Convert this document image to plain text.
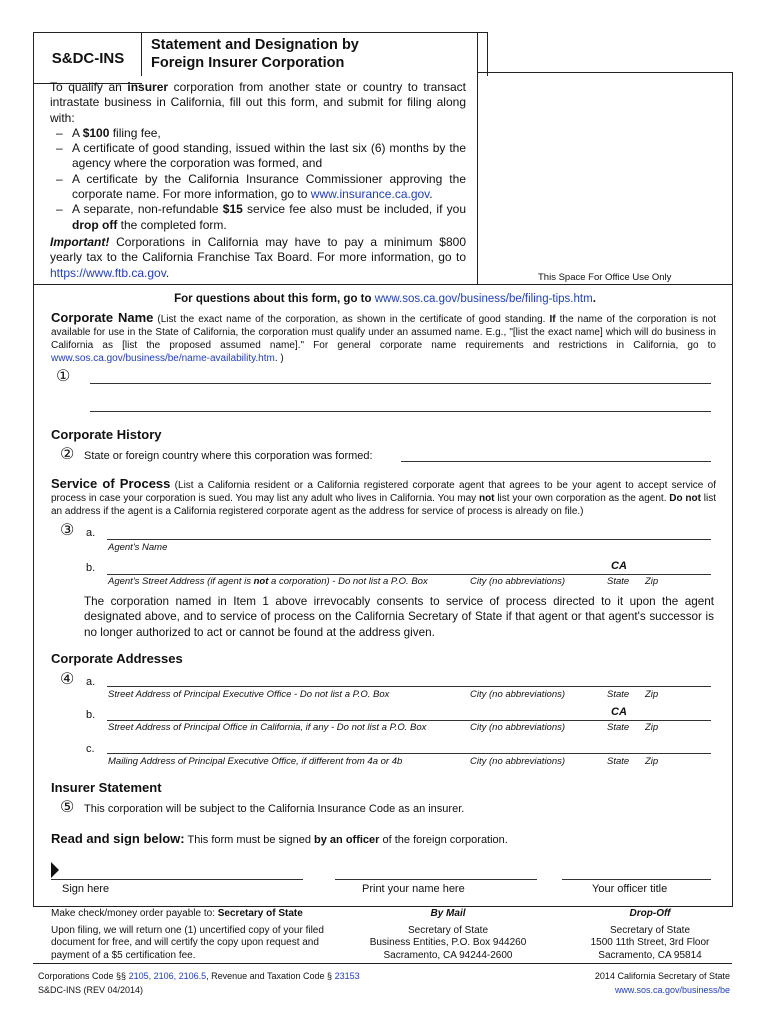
S&DC-INS
Statement and Designation by
Foreign Insurer Corporation
This Space For Office Use Only

To qualify an insurer corporation from another state or country to transact intrastate business in California, fill out this form, and submit for filing along with:

– A $100 filing fee,
– A certificate of good standing, issued within the last six (6) months by the agency where the corporation was formed, and
– A certificate by the California Insurance Commissioner approving the corporate name. For more information, go to www.insurance.ca.gov.
– A separate, non-refundable $15 service fee also must be included, if you drop off the completed form.

Important! Corporations in California may have to pay a minimum $800 yearly tax to the California Franchise Tax Board. For more information, go to https://www.ftb.ca.gov.

For questions about this form, go to www.sos.ca.gov/business/be/filing-tips.htm.
Corporate Name (List the exact name of the corporation, as shown in the certificate of good standing. If the name of the corporation is not available for use in the State of California, the corporation must qualify under an assumed name. E.g., "[list the exact name] which will do business in California as [list the proposed assumed name]." For general corporate name requirements and restrictions in California, go to www.sos.ca.gov/business/be/name-availability.htm. )
①
Corporate History
② State or foreign country where this corporation was formed:
Service of Process (List a California resident or a California registered corporate agent that agrees to be your agent to accept service of process in case your corporation is sued. You may list any adult who lives in California. You may not list your own corporation as the agent. Do not list an address if the agent is a California registered corporate agent as the address for service of process is already on file.)
③ a.
Agent's Name
b.	CA
Agent's Street Address (if agent is not a corporation) - Do not list a P.O. Box	City (no abbreviations)	State Zip
The corporation named in Item 1 above irrevocably consents to service of process directed to it upon the agent designated above, and to service of process on the California Secretary of State if that agent or that agent's successor is no longer authorized to act or cannot be found at the address given.
Corporate Addresses
④ a.
Street Address of Principal Executive Office - Do not list a P.O. Box	City (no abbreviations)	State Zip
b.	CA
Street Address of Principal Office in California, if any - Do not list a P.O. Box	City (no abbreviations)	State Zip
c.
Mailing Address of Principal Executive Office, if different from 4a or 4b	City (no abbreviations)	State Zip
Insurer Statement
⑤ This corporation will be subject to the California Insurance Code as an insurer.
Read and sign below: This form must be signed by an officer of the foreign corporation.
Sign here	Print your name here	Your officer title
Make check/money order payable to: Secretary of State
Upon filing, we will return one (1) uncertified copy of your filed document for free, and will certify the copy upon request and payment of a $5 certification fee.
By Mail
Secretary of State
Business Entities, P.O. Box 944260
Sacramento, CA 94244-2600
Drop-Off
Secretary of State
1500 11th Street, 3rd Floor
Sacramento, CA 95814
Corporations Code §§ 2105, 2106, 2106.5, Revenue and Taxation Code § 23153
S&DC-INS (REV 04/2014)
2014 California Secretary of State
www.sos.ca.gov/business/be
